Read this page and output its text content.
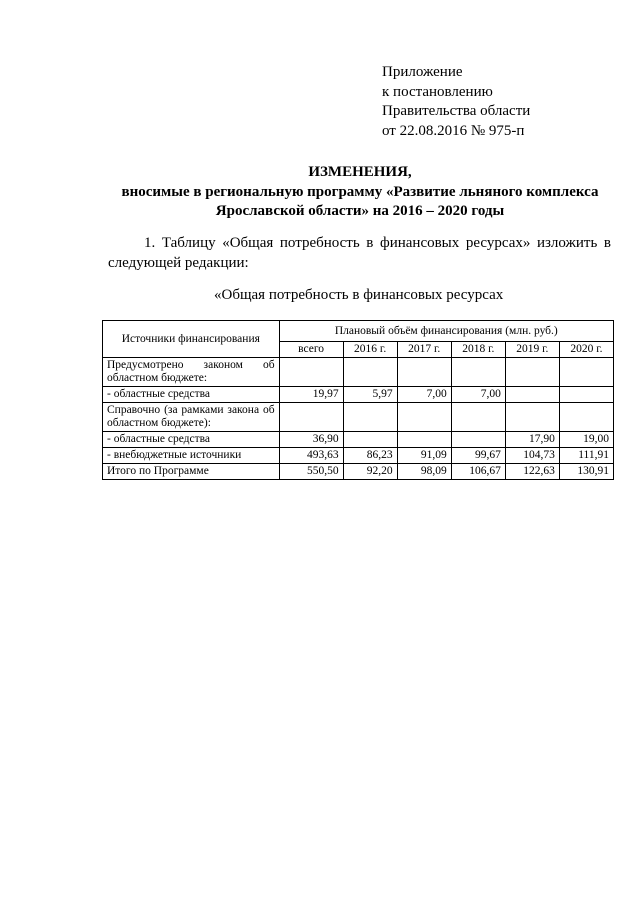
Приложение
к постановлению
Правительства области
от 22.08.2016 № 975-п
ИЗМЕНЕНИЯ,
вносимые в региональную программу «Развитие льняного комплекса
Ярославской области» на 2016 – 2020 годы
1. Таблицу «Общая потребность в финансовых ресурсах» изложить в следующей редакции:
«Общая потребность в финансовых ресурсах
Источники финансирования	Плановый объём финансирования (млн. руб.)					
	всего	2016 г.	2017 г.	2018 г.	2019 г.	2020 г.
Предусмотрено законом об областном бюджете:						
- областные средства	19,97	5,97	7,00	7,00		
Справочно (за рамками закона об областном бюджете):						
- областные средства	36,90				17,90	19,00
- внебюджетные источники	493,63	86,23	91,09	99,67	104,73	111,91
Итого по Программе	550,50	92,20	98,09	106,67	122,63	130,91
